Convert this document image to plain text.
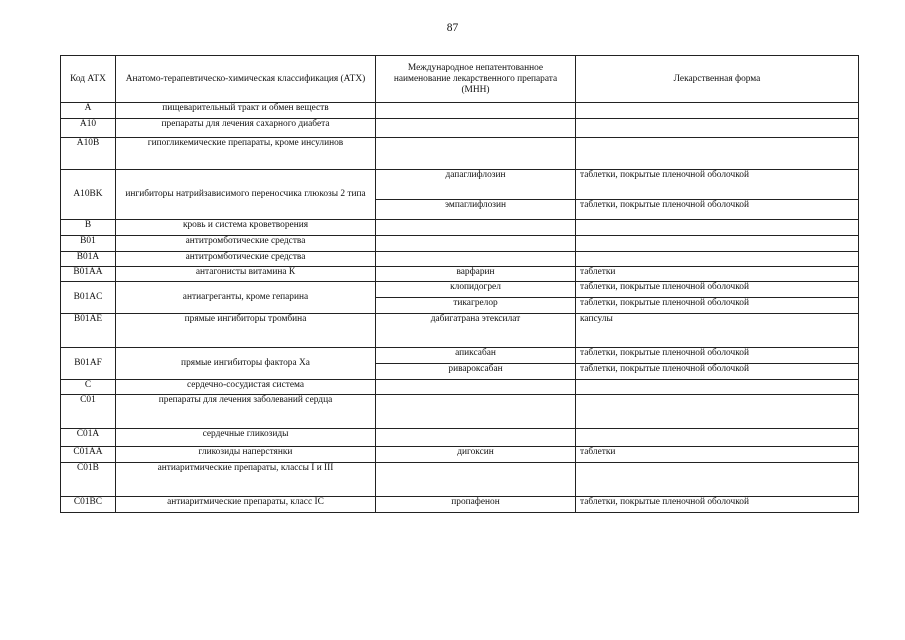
87
Код АТХ	Анатомо-терапевтическо-химическая классификация (АТХ)	Международное непатентованное наименование лекарственного препарата (МНН)	Лекарственная форма
A	пищеварительный тракт и обмен веществ		
A10	препараты для лечения сахарного диабета		
A10B	гипогликемические препараты, кроме инсулинов		
A10BK	ингибиторы натрийзависимого переносчика глюкозы 2 типа	дапаглифлозин	таблетки, покрытые пленочной оболочкой
		эмпаглифлозин	таблетки, покрытые пленочной оболочкой
B	кровь и система кроветворения		
B01	антитромботические средства		
B01A	антитромботические средства		
B01AA	антагонисты витамина К	варфарин	таблетки
B01AC	антиагреганты, кроме гепарина	клопидогрел	таблетки, покрытые пленочной оболочкой
		тикагрелор	таблетки, покрытые пленочной оболочкой
B01AE	прямые ингибиторы тромбина	дабигатрана этексилат	капсулы
B01AF	прямые ингибиторы фактора Xa	апиксабан	таблетки, покрытые пленочной оболочкой
		ривароксабан	таблетки, покрытые пленочной оболочкой
C	сердечно-сосудистая система		
C01	препараты для лечения заболеваний сердца		
C01A	сердечные гликозиды		
C01AA	гликозиды наперстянки	дигоксин	таблетки
C01B	антиаритмические препараты, классы I и III		
C01BC	антиаритмические препараты, класс IC	пропафенон	таблетки, покрытые пленочной оболочкой
